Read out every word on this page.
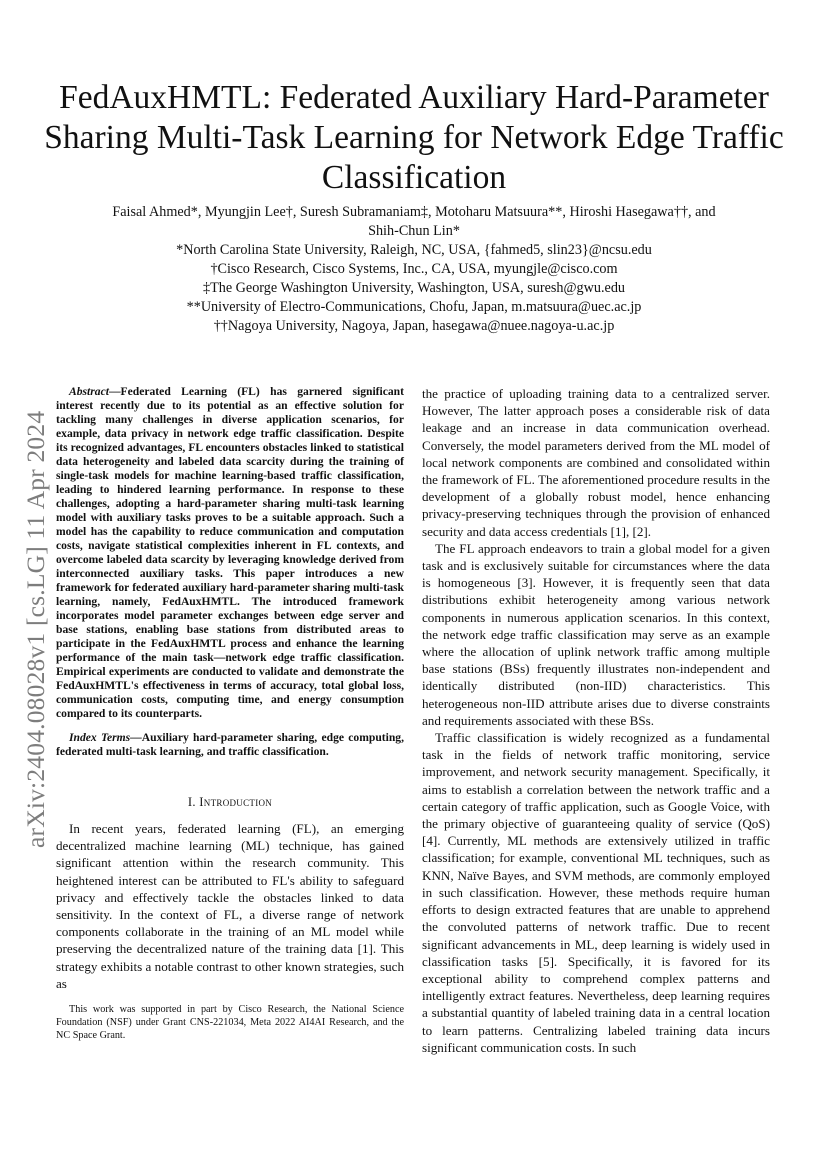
FedAuxHMTL: Federated Auxiliary Hard-Parameter Sharing Multi-Task Learning for Network Edge Traffic Classification
Faisal Ahmed*, Myungjin Lee†, Suresh Subramaniam‡, Motoharu Matsuura**, Hiroshi Hasegawa††, and
Shih-Chun Lin*
*North Carolina State University, Raleigh, NC, USA, {fahmed5, slin23}@ncsu.edu
†Cisco Research, Cisco Systems, Inc., CA, USA, myungjle@cisco.com
‡The George Washington University, Washington, USA, suresh@gwu.edu
**University of Electro-Communications, Chofu, Japan, m.matsuura@uec.ac.jp
††Nagoya University, Nagoya, Japan, hasegawa@nuee.nagoya-u.ac.jp
arXiv:2404.08028v1 [cs.LG] 11 Apr 2024

Abstract—Federated Learning (FL) has garnered significant interest recently due to its potential as an effective solution for tackling many challenges in diverse application scenarios, for example, data privacy in network edge traffic classification. Despite its recognized advantages, FL encounters obstacles linked to statistical data heterogeneity and labeled data scarcity during the training of single-task models for machine learning-based traffic classification, leading to hindered learning performance. In response to these challenges, adopting a hard-parameter sharing multi-task learning model with auxiliary tasks proves to be a suitable approach. Such a model has the capability to reduce communication and computation costs, navigate statistical complexities inherent in FL contexts, and overcome labeled data scarcity by leveraging knowledge derived from interconnected auxiliary tasks. This paper introduces a new framework for federated auxiliary hard-parameter sharing multi-task learning, namely, FedAuxHMTL. The introduced framework incorporates model parameter exchanges between edge server and base stations, enabling base stations from distributed areas to participate in the FedAuxHMTL process and enhance the learning performance of the main task—network edge traffic classification. Empirical experiments are conducted to validate and demonstrate the FedAuxHMTL's effectiveness in terms of accuracy, total global loss, communication costs, computing time, and energy consumption compared to its counterparts.

Index Terms—Auxiliary hard-parameter sharing, edge computing, federated multi-task learning, and traffic classification.

I. Introduction

In recent years, federated learning (FL), an emerging decentralized machine learning (ML) technique, has gained significant attention within the research community. This heightened interest can be attributed to FL's ability to safeguard privacy and effectively tackle the obstacles linked to data sensitivity. In the context of FL, a diverse range of network components collaborate in the training of an ML model while preserving the decentralized nature of the training data [1]. This strategy exhibits a notable contrast to other known strategies, such as

This work was supported in part by Cisco Research, the National Science Foundation (NSF) under Grant CNS-221034, Meta 2022 AI4AI Research, and the NC Space Grant.

the practice of uploading training data to a centralized server. However, The latter approach poses a considerable risk of data leakage and an increase in data communication overhead. Conversely, the model parameters derived from the ML model of local network components are combined and consolidated within the framework of FL. The aforementioned procedure results in the development of a globally robust model, hence enhancing privacy-preserving techniques through the provision of enhanced security and data access credentials [1], [2].

The FL approach endeavors to train a global model for a given task and is exclusively suitable for circumstances where the data is homogeneous [3]. However, it is frequently seen that data distributions exhibit heterogeneity among various network components in numerous application scenarios. In this context, the network edge traffic classification may serve as an example where the allocation of uplink network traffic among multiple base stations (BSs) frequently illustrates non-independent and identically distributed (non-IID) characteristics. This heterogeneous non-IID attribute arises due to diverse constraints and requirements associated with these BSs.

Traffic classification is widely recognized as a fundamental task in the fields of network traffic monitoring, service improvement, and network security management. Specifically, it aims to establish a correlation between the network traffic and a certain category of traffic application, such as Google Voice, with the primary objective of guaranteeing quality of service (QoS) [4]. Currently, ML methods are extensively utilized in traffic classification; for example, conventional ML techniques, such as KNN, Naïve Bayes, and SVM methods, are commonly employed in such classification. However, these methods require human efforts to design extracted features that are unable to apprehend the convoluted patterns of network traffic. Due to recent significant advancements in ML, deep learning is widely used in classification tasks [5]. Specifically, it is favored for its exceptional ability to comprehend complex patterns and intelligently extract features. Nevertheless, deep learning requires a substantial quantity of labeled training data in a central location to learn patterns. Centralizing labeled training data incurs significant communication costs. In such
